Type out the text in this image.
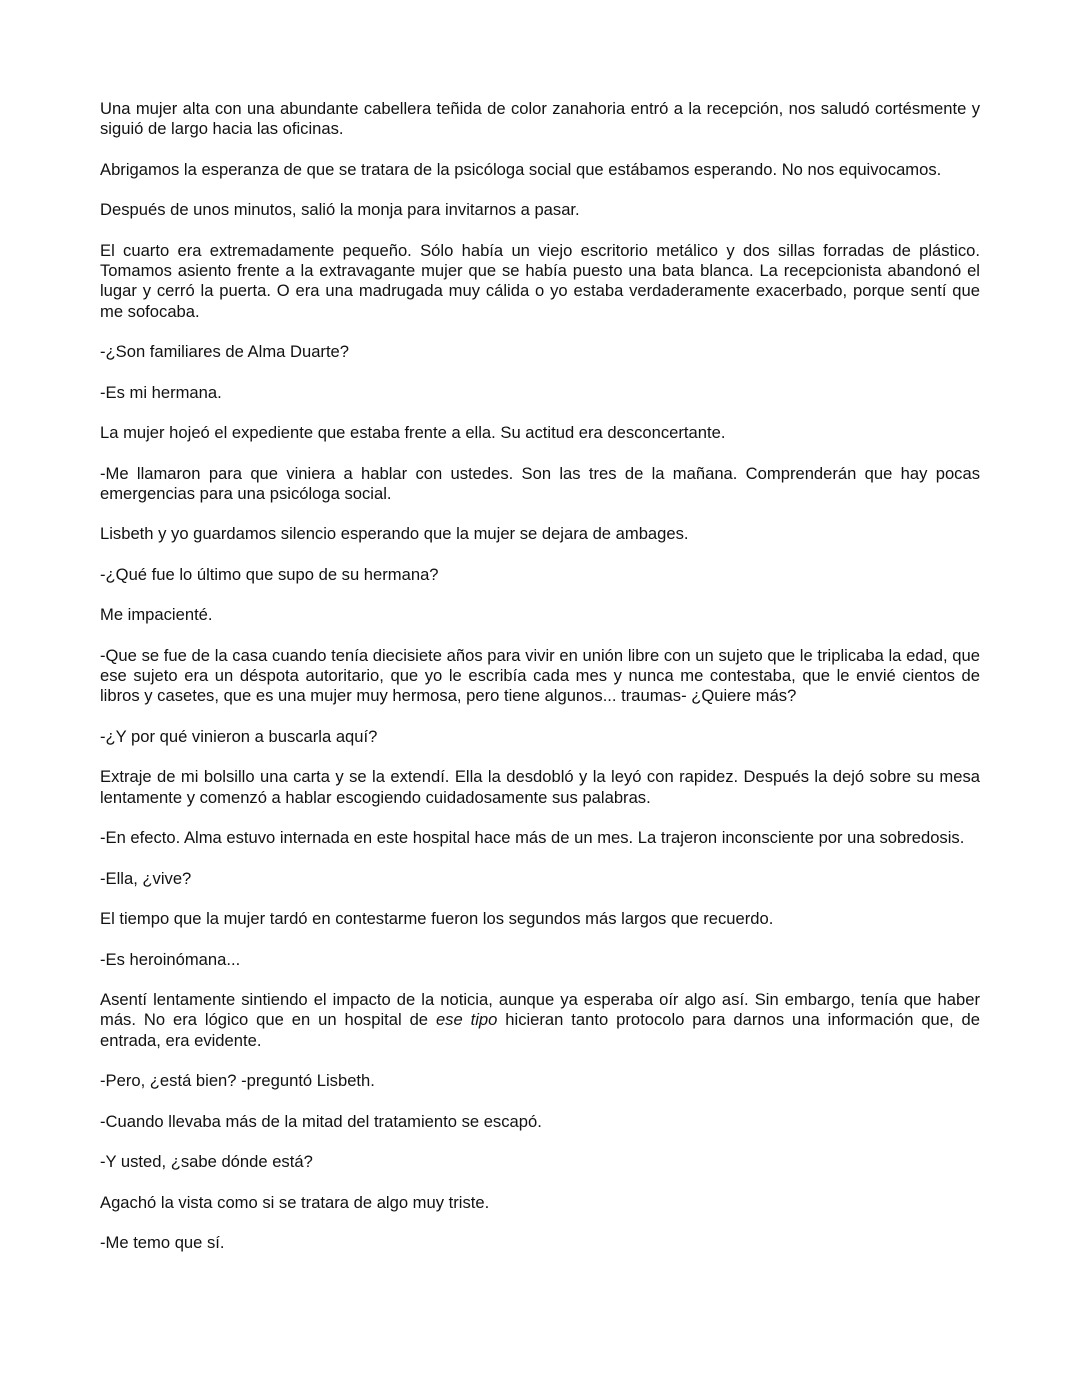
Una mujer alta con una abundante cabellera teñida de color zanahoria entró a la recepción, nos saludó cortésmente y siguió de largo hacia las oficinas.

Abrigamos la esperanza de que se tratara de la psicóloga social que estábamos esperando. No nos equivocamos.

Después de unos minutos, salió la monja para invitarnos a pasar.

El cuarto era extremadamente pequeño. Sólo había un viejo escritorio metálico y dos sillas forradas de plástico. Tomamos asiento frente a la extravagante mujer que se había puesto una bata blanca. La recepcionista abandonó el lugar y cerró la puerta. O era una madrugada muy cálida o yo estaba verdaderamente exacerbado, porque sentí que me sofocaba.

-¿Son familiares de Alma Duarte?

-Es mi hermana.

La mujer hojeó el expediente que estaba frente a ella. Su actitud era desconcertante.

-Me llamaron para que viniera a hablar con ustedes. Son las tres de la mañana. Comprenderán que hay pocas emergencias para una psicóloga social.

Lisbeth y yo guardamos silencio esperando que la mujer se dejara de ambages.

-¿Qué fue lo último que supo de su hermana?

Me impacienté.

-Que se fue de la casa cuando tenía diecisiete años para vivir en unión libre con un sujeto que le triplicaba la edad, que ese sujeto era un déspota autoritario, que yo le escribía cada mes y nunca me contestaba, que le envié cientos de libros y casetes, que es una mujer muy hermosa, pero tiene algunos... traumas- ¿Quiere más?

-¿Y por qué vinieron a buscarla aquí?

Extraje de mi bolsillo una carta y se la extendí. Ella la desdobló y la leyó con rapidez. Después la dejó sobre su mesa lentamente y comenzó a hablar escogiendo cuidadosamente sus palabras.

-En efecto. Alma estuvo internada en este hospital hace más de un mes. La trajeron inconsciente por una sobredosis.

-Ella, ¿vive?

El tiempo que la mujer tardó en contestarme fueron los segundos más largos que recuerdo.

-Es heroinómana...

Asentí lentamente sintiendo el impacto de la noticia, aunque ya esperaba oír algo así. Sin embargo, tenía que haber más. No era lógico que en un hospital de ese tipo hicieran tanto protocolo para darnos una información que, de entrada, era evidente.

-Pero, ¿está bien? -preguntó Lisbeth.

-Cuando llevaba más de la mitad del tratamiento se escapó.

-Y usted, ¿sabe dónde está?

Agachó la vista como si se tratara de algo muy triste.

-Me temo que sí.
